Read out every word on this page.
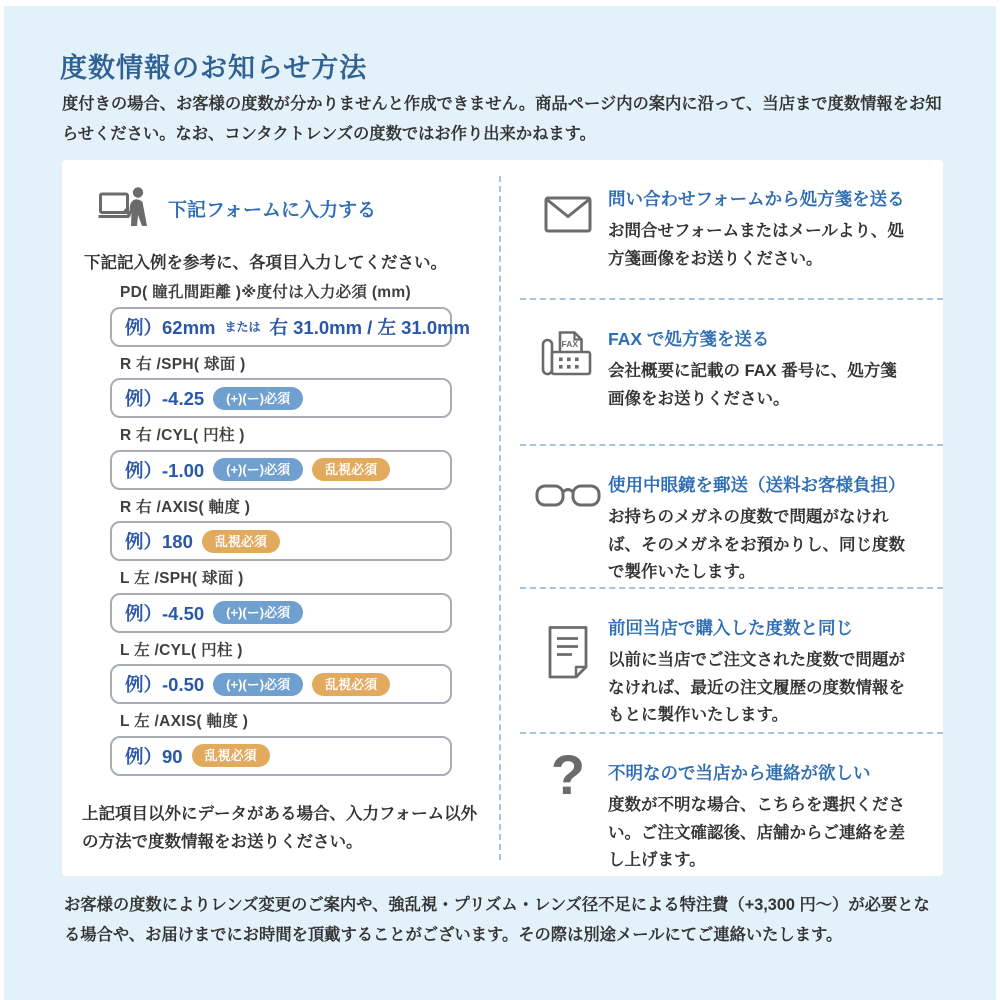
度数情報のお知らせ方法

度付きの場合、お客様の度数が分かりませんと作成できません。商品ページ内の案内に沿って、当店まで度数情報をお知らせください。なお、コンタクトレンズの度数ではお作り出来かねます。

下記フォームに入力する

下記記入例を参考に、各項目入力してください。

PD( 瞳孔間距離 )※度付は入力必須 (mm)
例）62mm または 右 31.0mm / 左 31.0mm
R 右 /SPH( 球面 )
例）-4.25	(+)(ー)必須
R 右 /CYL( 円柱 )
例）-1.00	(+)(ー)必須	乱視必須
R 右 /AXIS( 軸度 )
例）180	乱視必須
L 左 /SPH( 球面 )
例）-4.50	(+)(ー)必須
L 左 /CYL( 円柱 )
例）-0.50	(+)(ー)必須	乱視必須
L 左 /AXIS( 軸度 )
例）90	乱視必須

上記項目以外にデータがある場合、入力フォーム以外の方法で度数情報をお送りください。

問い合わせフォームから処方箋を送る

お問合せフォームまたはメールより、処方箋画像をお送りください。

FAX FAX で処方箋を送る

会社概要に記載の FAX 番号に、処方箋画像をお送りください。

使用中眼鏡を郵送（送料お客様負担）

お持ちのメガネの度数で問題がなければ、そのメガネをお預かりし、同じ度数で製作いたします。

前回当店で購入した度数と同じ

以前に当店でご注文された度数で問題がなければ、最近の注文履歴の度数情報をもとに製作いたします。

? 不明なので当店から連絡が欲しい

度数が不明な場合、こちらを選択ください。ご注文確認後、店舗からご連絡を差し上げます。

お客様の度数によりレンズ変更のご案内や、強乱視・プリズム・レンズ径不足による特注費（+3,300 円〜）が必要となる場合や、お届けまでにお時間を頂戴することがございます。その際は別途メールにてご連絡いたします。
